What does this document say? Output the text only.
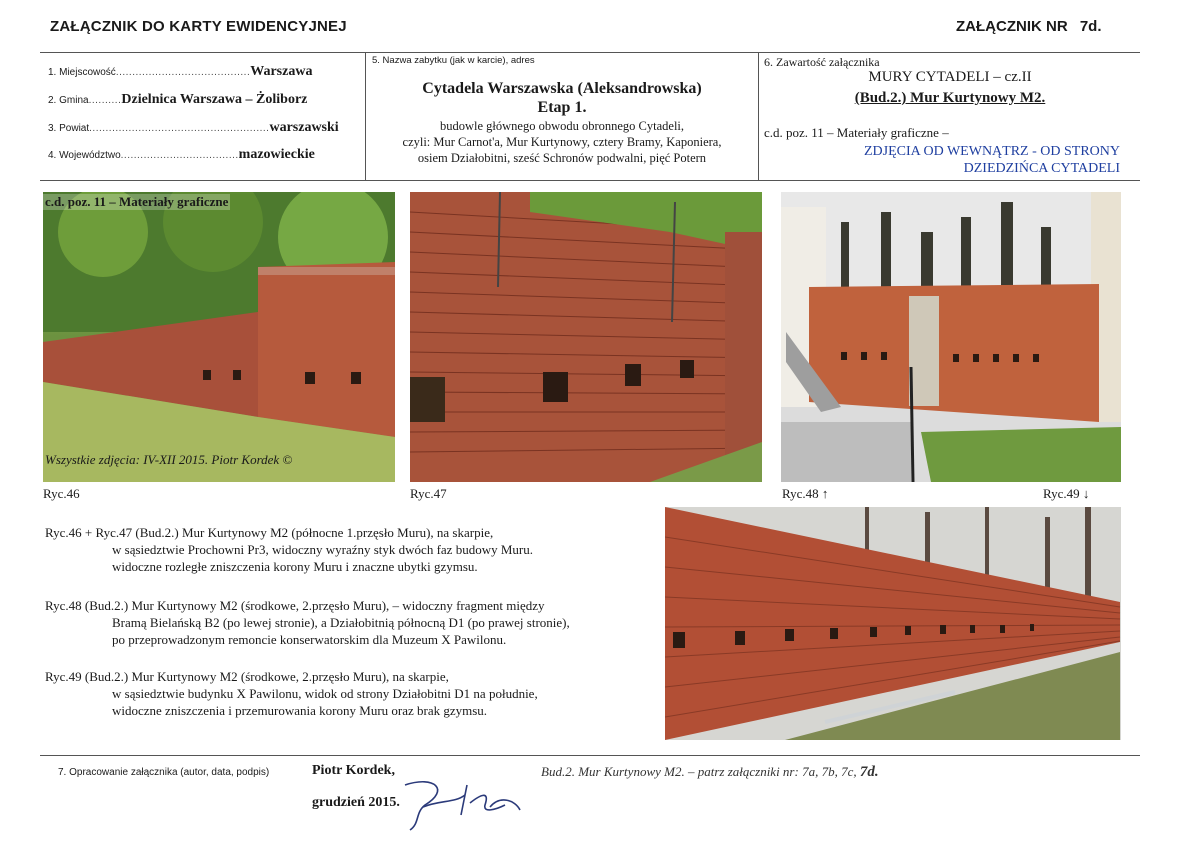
ZAŁĄCZNIK DO KARTY EWIDENCYJNEJ	ZAŁĄCZNIK NR 7d.
1. Miejscowość.........................................Warszawa
2. Gmina..........Dzielnica Warszawa – Żoliborz
3. Powiat.......................................................warszawski
4. Województwo....................................mazowieckie
5. Nazwa zabytku (jak w karcie), adres
Cytadela Warszawska (Aleksandrowska)
Etap 1.
budowle głównego obwodu obronnego Cytadeli,
czyli: Mur Carnot'a, Mur Kurtynowy, cztery Bramy, Kaponiera,
osiem Działobitni, sześć Schronów podwalni, pięć Potern
6. Zawartość załącznika
MURY CYTADELI – cz.II
(Bud.2.) Mur Kurtynowy M2.
c.d. poz. 11 – Materiały graficzne –
ZDJĘCIA OD WEWNĄTRZ - OD STRONY
DZIEDZIŃCA CYTADELI
c.d. poz. 11 – Materiały graficzne
Wszystkie zdjęcia: IV-XII 2015. Piotr Kordek ©
Ryc.46	Ryc.47	Ryc.48 ↑	Ryc.49 ↓
Ryc.46 + Ryc.47 (Bud.2.) Mur Kurtynowy M2 (północne 1.przęsło Muru), na skarpie,
w sąsiedztwie Prochowni Pr3, widoczny wyraźny styk dwóch faz budowy Muru.
widoczne rozległe zniszczenia korony Muru i znaczne ubytki gzymsu.
Ryc.48 (Bud.2.) Mur Kurtynowy M2 (środkowe, 2.przęsło Muru), – widoczny fragment między
Bramą Bielańską B2 (po lewej stronie), a Działobitnią północną D1 (po prawej stronie),
po przeprowadzonym remoncie konserwatorskim dla Muzeum X Pawilonu.
Ryc.49 (Bud.2.) Mur Kurtynowy M2 (środkowe, 2.przęsło Muru), na skarpie,
w sąsiedztwie budynku X Pawilonu, widok od strony Działobitni D1 na południe,
widoczne zniszczenia i przemurowania korony Muru oraz brak gzymsu.
7. Opracowanie załącznika (autor, data, podpis)	Piotr Kordek,
grudzień 2015.
Bud.2. Mur Kurtynowy M2. – patrz załączniki nr: 7a, 7b, 7c, 7d.
